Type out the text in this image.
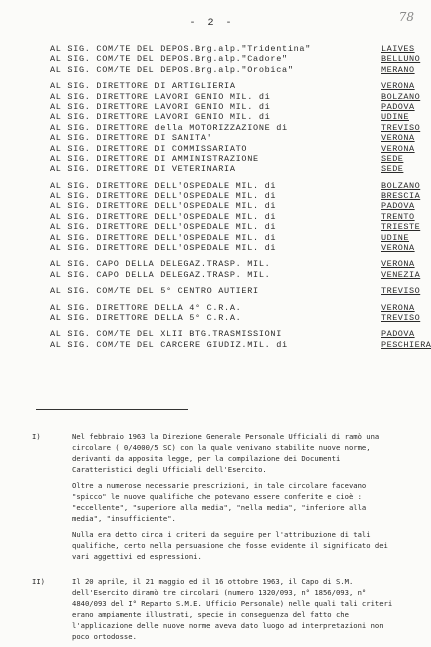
- 2 -	78
AL SIG. COM/TE DEL DEPOS.Brg.alp."Tridentina"	LAIVES
AL SIG. COM/TE DEL DEPOS.Brg.alp."Cadore"	BELLUNO
AL SIG. COM/TE DEL DEPOS.Brg.alp."Orobica"	MERANO
AL SIG. DIRETTORE DI ARTIGLIERIA	VERONA
AL SIG. DIRETTORE LAVORI GENIO MIL. di	BOLZANO
AL SIG. DIRETTORE LAVORI GENIO MIL. di	PADOVA
AL SIG. DIRETTORE LAVORI GENIO MIL. di	UDINE
AL SIG. DIRETTORE della MOTORIZZAZIONE di	TREVISO
AL SIG. DIRETTORE DI SANITA'	VERONA
AL SIG. DIRETTORE DI COMMISSARIATO	VERONA
AL SIG. DIRETTORE DI AMMINISTRAZIONE	SEDE
AL SIG. DIRETTORE DI VETERINARIA	SEDE
AL SIG. DIRETTORE DELL'OSPEDALE MIL. di	BOLZANO
AL SIG. DIRETTORE DELL'OSPEDALE MIL. di	BRESCIA
AL SIG. DIRETTORE DELL'OSPEDALE MIL. di	PADOVA
AL SIG. DIRETTORE DELL'OSPEDALE MIL. di	TRENTO
AL SIG. DIRETTORE DELL'OSPEDALE MIL. di	TRIESTE
AL SIG. DIRETTORE DELL'OSPEDALE MIL. di	UDINE
AL SIG. DIRETTORE DELL'OSPEDALE MIL. di	VERONA
AL SIG. CAPO DELLA DELEGAZ.TRASP. MIL.	VERONA
AL SIG. CAPO DELLA DELEGAZ.TRASP. MIL.	VENEZIA
AL SIG. COM/TE DEL 5° CENTRO AUTIERI	TREVISO
AL SIG. DIRETTORE DELLA 4° C.R.A.	VERONA
AL SIG. DIRETTORE DELLA 5° C.R.A.	TREVISO
AL SIG. COM/TE DEL XLII BTG.TRASMISSIONI	PADOVA
AL SIG. COM/TE DEL CARCERE GIUDIZ.MIL. di	PESCHIERA
I)	Nel febbraio 1963 la Direzione Generale Personale Ufficiali di ramò una circolare ( 0/4000/5 SC) con la quale venivano stabilite nuove norme, derivanti da apposita legge, per la compilazione dei Documenti Caratteristici degli Ufficiali dell'Esercito.

Oltre a numerose necessarie prescrizioni, in tale circolare facevano "spicco" le nuove qualifiche che potevano essere conferite e cioè : "eccellente", "superiore alla media", "nella media", "inferiore alla media", "insufficiente".

Nulla era detto circa i criteri da seguire per l'attribuzione di tali qualifiche, certo nella persuasione che fosse evidente il significato dei vari aggettivi ed espressioni.

II)	Il 20 aprile, il 21 maggio ed il 16 ottobre 1963, il Capo di S.M. dell'Esercito diramò tre circolari (numero 1320/093, n° 1856/093, n° 4840/093 del I° Reparto S.M.E. Ufficio Personale) nelle quali tali criteri erano ampiamente illustrati, specie in conseguenza del fatto che l'applicazione delle nuove norme aveva dato luogo ad interpretazioni non poco ortodosse.
